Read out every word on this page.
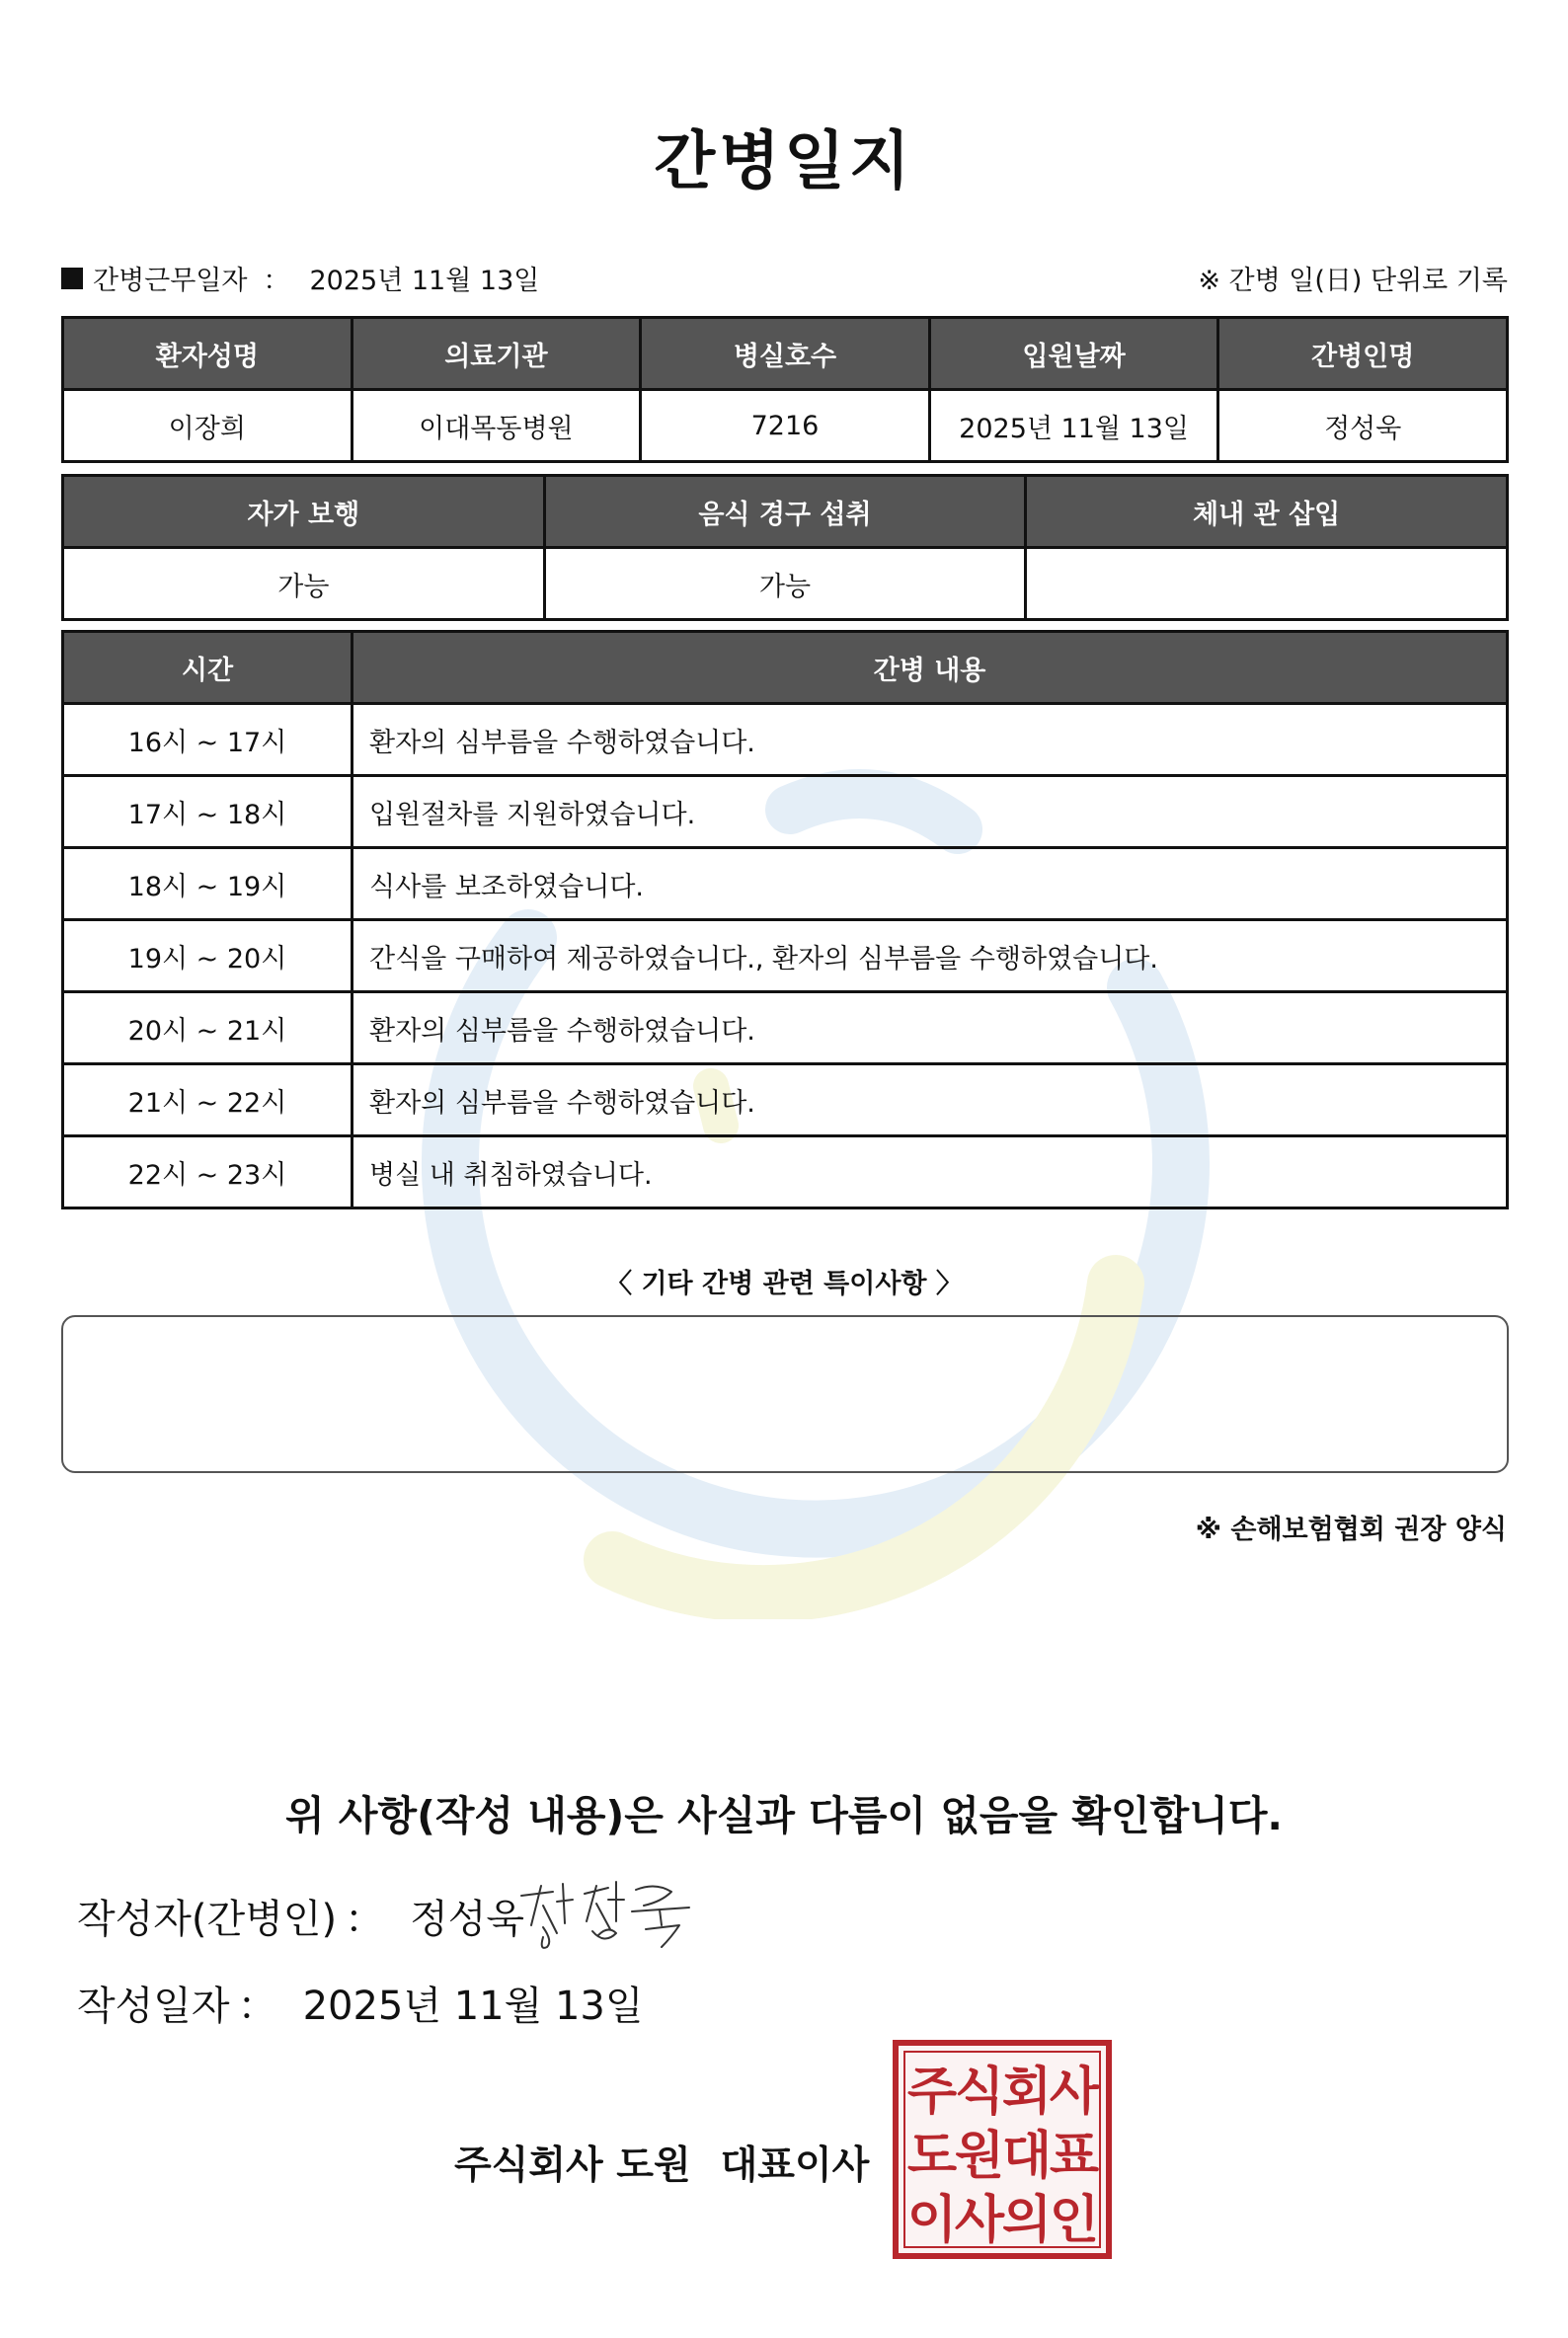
간병일지
간병근무일자 ： 2025년 11월 13일	※ 간병 일(日) 단위로 기록
환자성명	의료기관	병실호수	입원날짜	간병인명
이장희	이대목동병원	7216	2025년 11월 13일	정성욱
자가 보행	음식 경구 섭취	체내 관 삽입
가능	가능	
시간	간병 내용
16시 ~ 17시	환자의 심부름을 수행하였습니다.
17시 ~ 18시	입원절차를 지원하였습니다.
18시 ~ 19시	식사를 보조하였습니다.
19시 ~ 20시	간식을 구매하여 제공하였습니다., 환자의 심부름을 수행하였습니다.
20시 ~ 21시	환자의 심부름을 수행하였습니다.
21시 ~ 22시	환자의 심부름을 수행하였습니다.
22시 ~ 23시	병실 내 취침하였습니다.
〈 기타 간병 관련 특이사항 〉
※ 손해보험협회 권장 양식
위 사항(작성 내용)은 사실과 다름이 없음을 확인합니다.
작성자(간병인) ： 정성욱
작성일자 ： 2025년 11월 13일
주식회사 도원 대표이사
주
식
회
사
도
원
대
표
이
사
의
인
